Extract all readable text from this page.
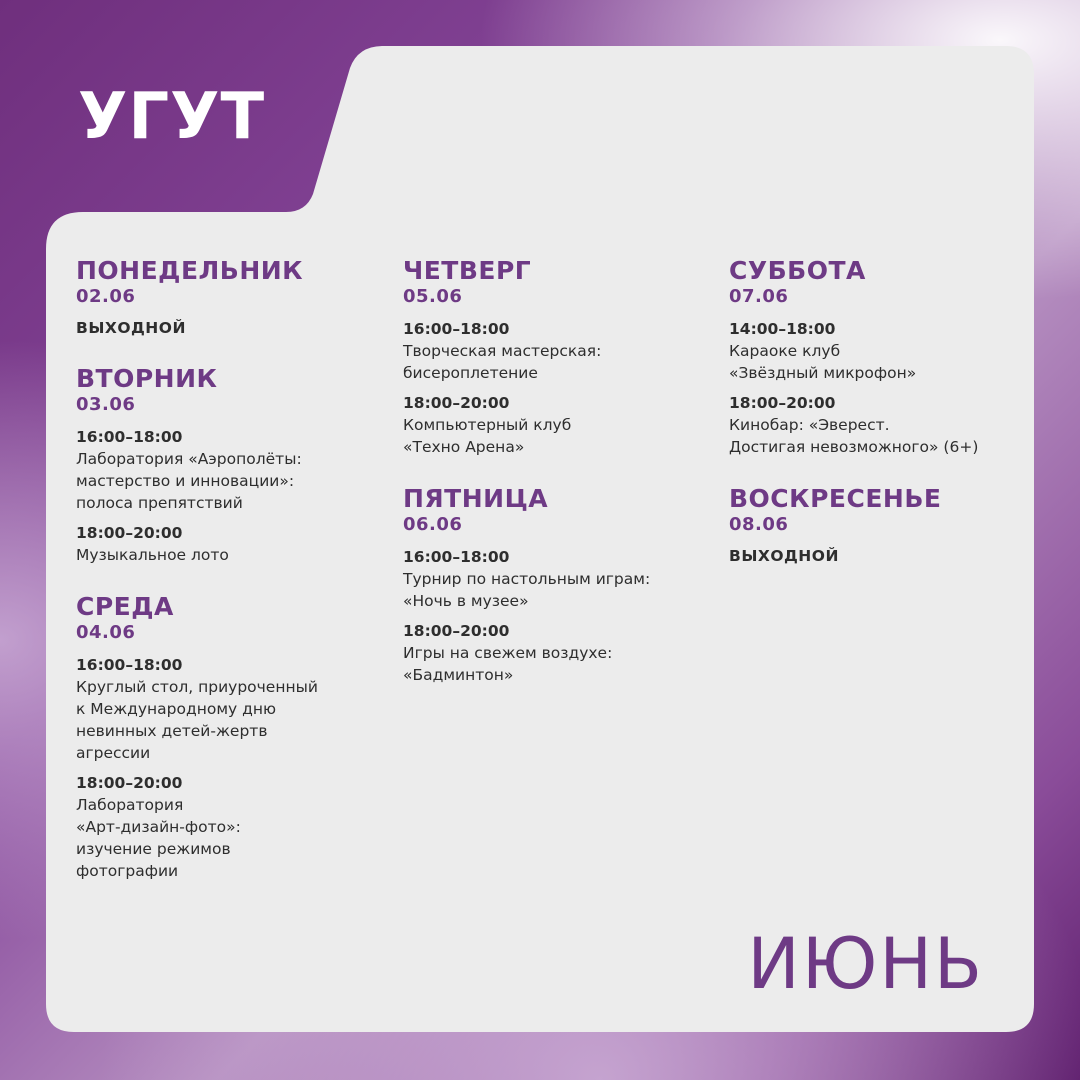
УГУТ
ПОНЕДЕЛЬНИК
02.06
ВЫХОДНОЙ
ВТОРНИК
03.06
16:00–18:00
Лаборатория «Аэрополёты:
мастерство и инновации»:
полоса препятствий
18:00–20:00
Музыкальное лото
СРЕДА
04.06
16:00–18:00
Круглый стол, приуроченный
к Международному дню
невинных детей-жертв
агрессии
18:00–20:00
Лаборатория
«Арт-дизайн-фото»:
изучение режимов
фотографии
ЧЕТВЕРГ
05.06
16:00–18:00
Творческая мастерская:
бисероплетение
18:00–20:00
Компьютерный клуб
«Техно Арена»
ПЯТНИЦА
06.06
16:00–18:00
Турнир по настольным играм:
«Ночь в музее»
18:00–20:00
Игры на свежем воздухе:
«Бадминтон»
СУББОТА
07.06
14:00–18:00
Караоке клуб
«Звёздный микрофон»
18:00–20:00
Кинобар: «Эверест.
Достигая невозможного» (6+)
ВОСКРЕСЕНЬЕ
08.06
ВЫХОДНОЙ
ИЮНЬ
